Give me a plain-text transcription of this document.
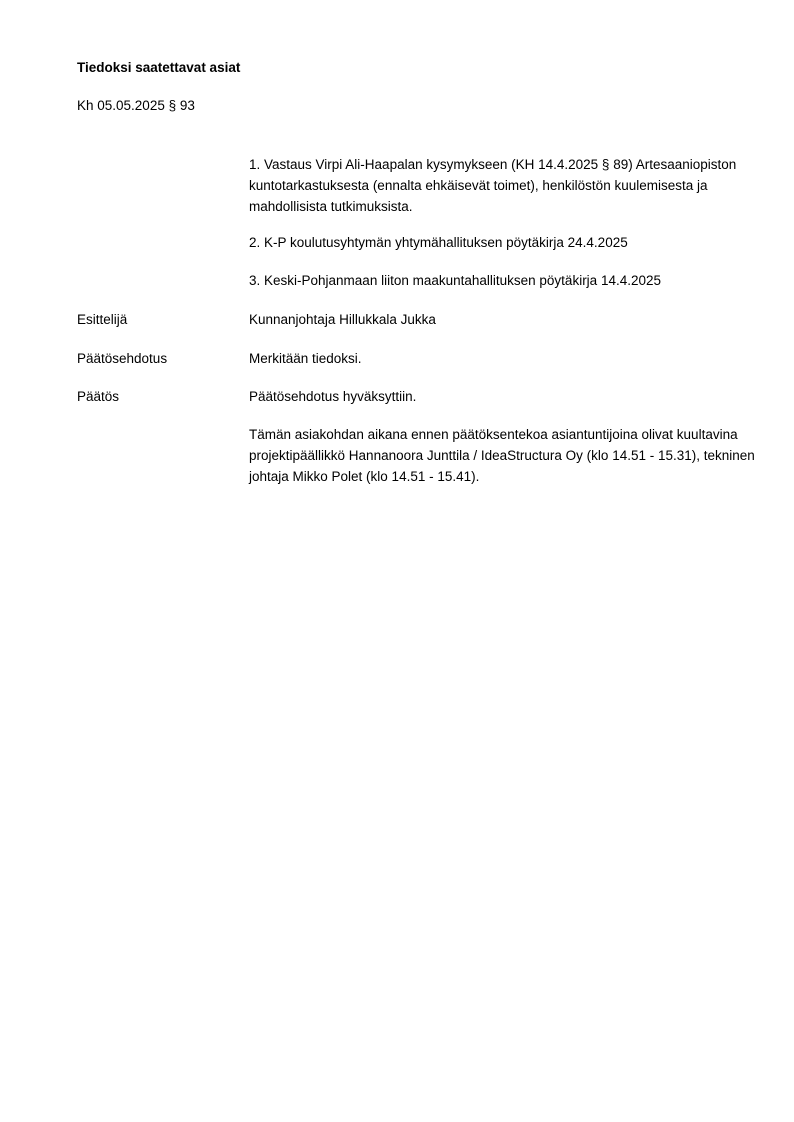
Tiedoksi saatettavat asiat

Kh 05.05.2025 § 93

1. Vastaus Virpi Ali-Haapalan kysymykseen (KH 14.4.2025 § 89) Artesaaniopiston kuntotarkastuksesta (ennalta ehkäisevät toimet), henkilöstön kuulemisesta ja mahdollisista tutkimuksista.

2. K-P koulutusyhtymän yhtymähallituksen pöytäkirja 24.4.2025

3. Keski-Pohjanmaan liiton maakuntahallituksen pöytäkirja 14.4.2025

Esittelijä	Kunnanjohtaja Hillukkala Jukka

Päätösehdotus	Merkitään tiedoksi.

Päätös	Päätösehdotus hyväksyttiin.

Tämän asiakohdan aikana ennen päätöksentekoa asiantuntijoina olivat kuultavina projektipäällikkö Hannanoora Junttila / IdeaStructura Oy (klo 14.51 - 15.31), tekninen johtaja Mikko Polet (klo 14.51 - 15.41).
